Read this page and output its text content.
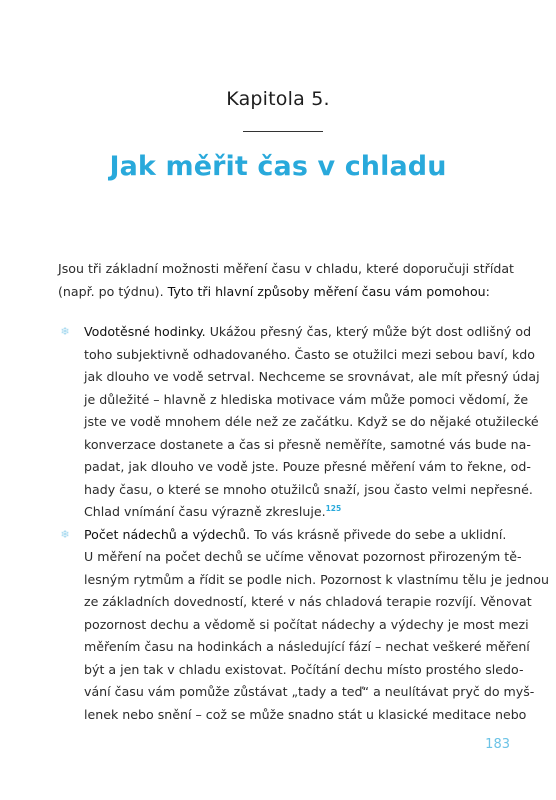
Kapitola 5.
Jak měřit čas v chladu
Jsou tři základní možnosti měření času v chladu, které doporučuji střídat
(např. po týdnu). Tyto tři hlavní způsoby měření času vám pomohou:
❄ Vodotěsné hodinky. Ukážou přesný čas, který může být dost odlišný od
toho subjektivně odhadovaného. Často se otužilci mezi sebou baví, kdo
jak dlouho ve vodě setrval. Nechceme se srovnávat, ale mít přesný údaj
je důležité – hlavně z hlediska motivace vám může pomoci vědomí, že
jste ve vodě mnohem déle než ze začátku. Když se do nějaké otužilecké
konverzace dostanete a čas si přesně neměříte, samotné vás bude na-
padat, jak dlouho ve vodě jste. Pouze přesné měření vám to řekne, od-
hady času, o které se mnoho otužilců snaží, jsou často velmi nepřesné.
Chlad vnímání času výrazně zkresluje.$^{125}$
❄ Počet nádechů a výdechů. To vás krásně přivede do sebe a uklidní.
U měření na počet dechů se učíme věnovat pozornost přirozeným tě-
lesným rytmům a řídit se podle nich. Pozornost k vlastnímu tělu je jednou
ze základních dovedností, které v nás chladová terapie rozvíjí. Věnovat
pozornost dechu a vědomě si počítat nádechy a výdechy je most mezi
měřením času na hodinkách a následující fází – nechat veškeré měření
být a jen tak v chladu existovat. Počítání dechu místo prostého sledo-
vání času vám pomůže zůstávat „tady a teď“ a neulítávat pryč do myš-
lenek nebo snění – což se může snadno stát u klasické meditace nebo
183
